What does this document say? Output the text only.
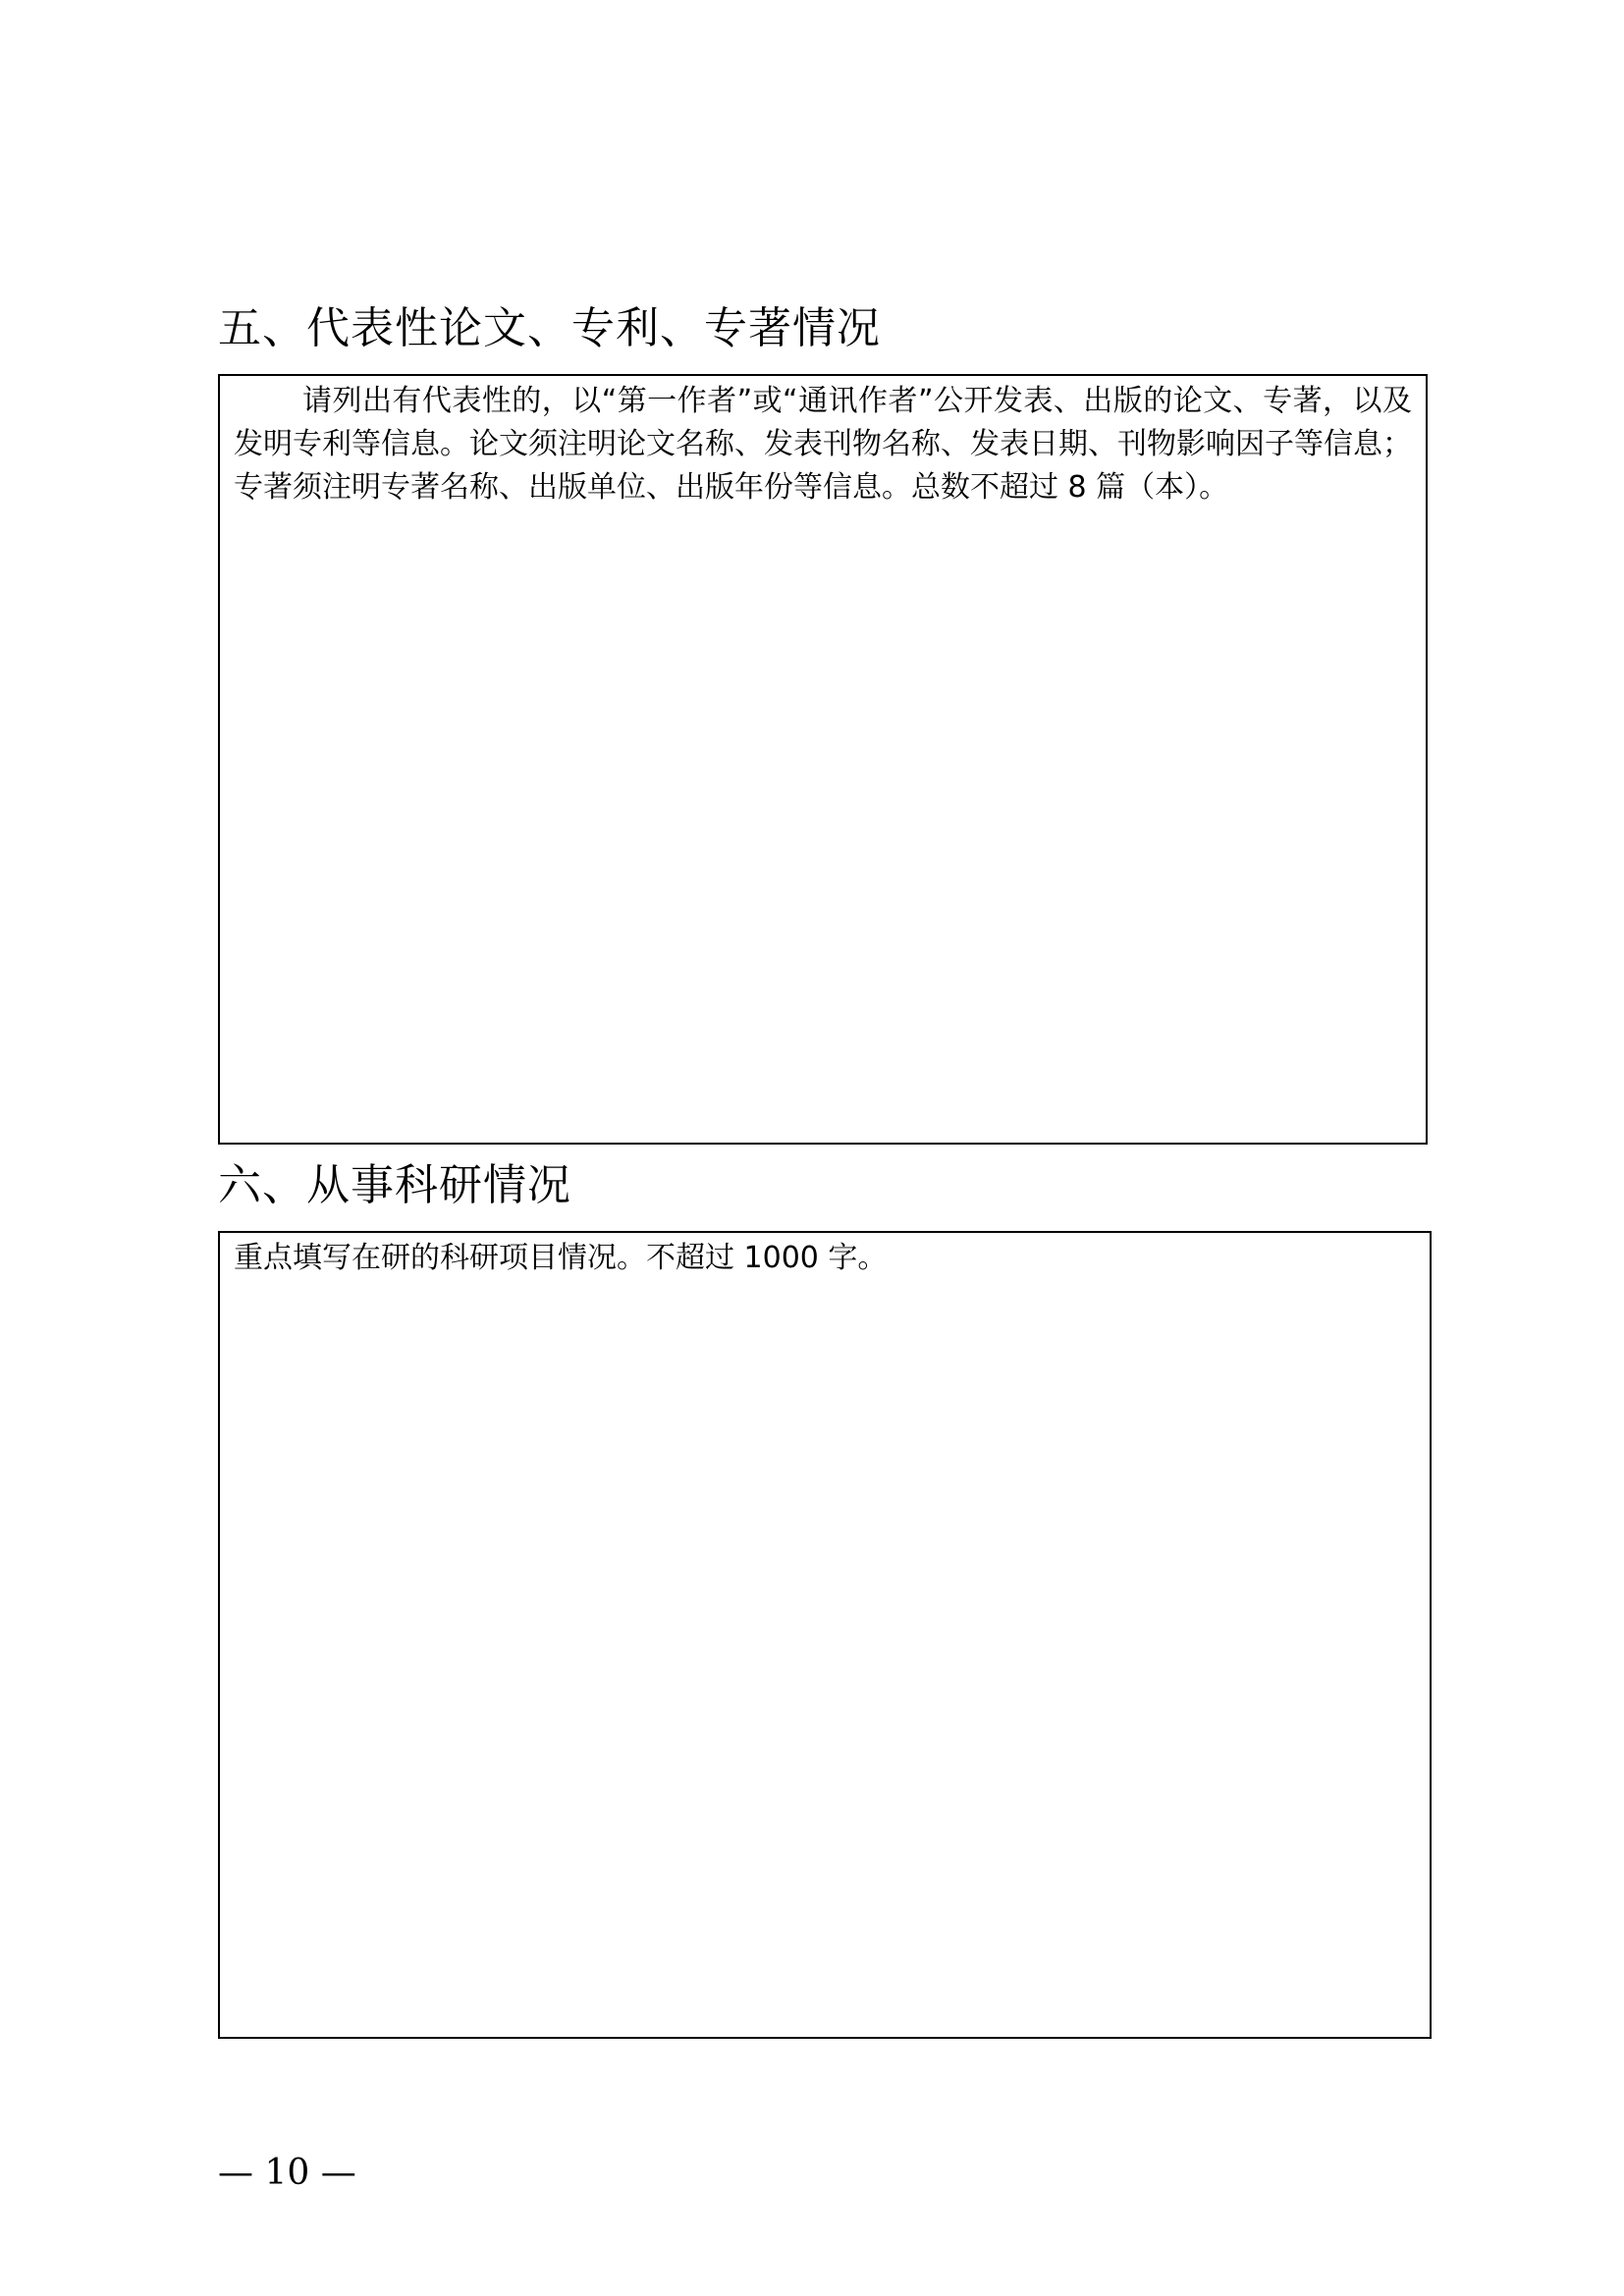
五、代表性论文、专利、专著情况

请列出有代表性的，以“第一作者”或“通讯作者”公开发表、出版的论文、专著，以及发明专利等信息。论文须注明论文名称、发表刊物名称、发表日期、刊物影响因子等信息；专著须注明专著名称、出版单位、出版年份等信息。总数不超过 8 篇（本）。

六、从事科研情况

重点填写在研的科研项目情况。不超过 1000 字。

— 10 —
